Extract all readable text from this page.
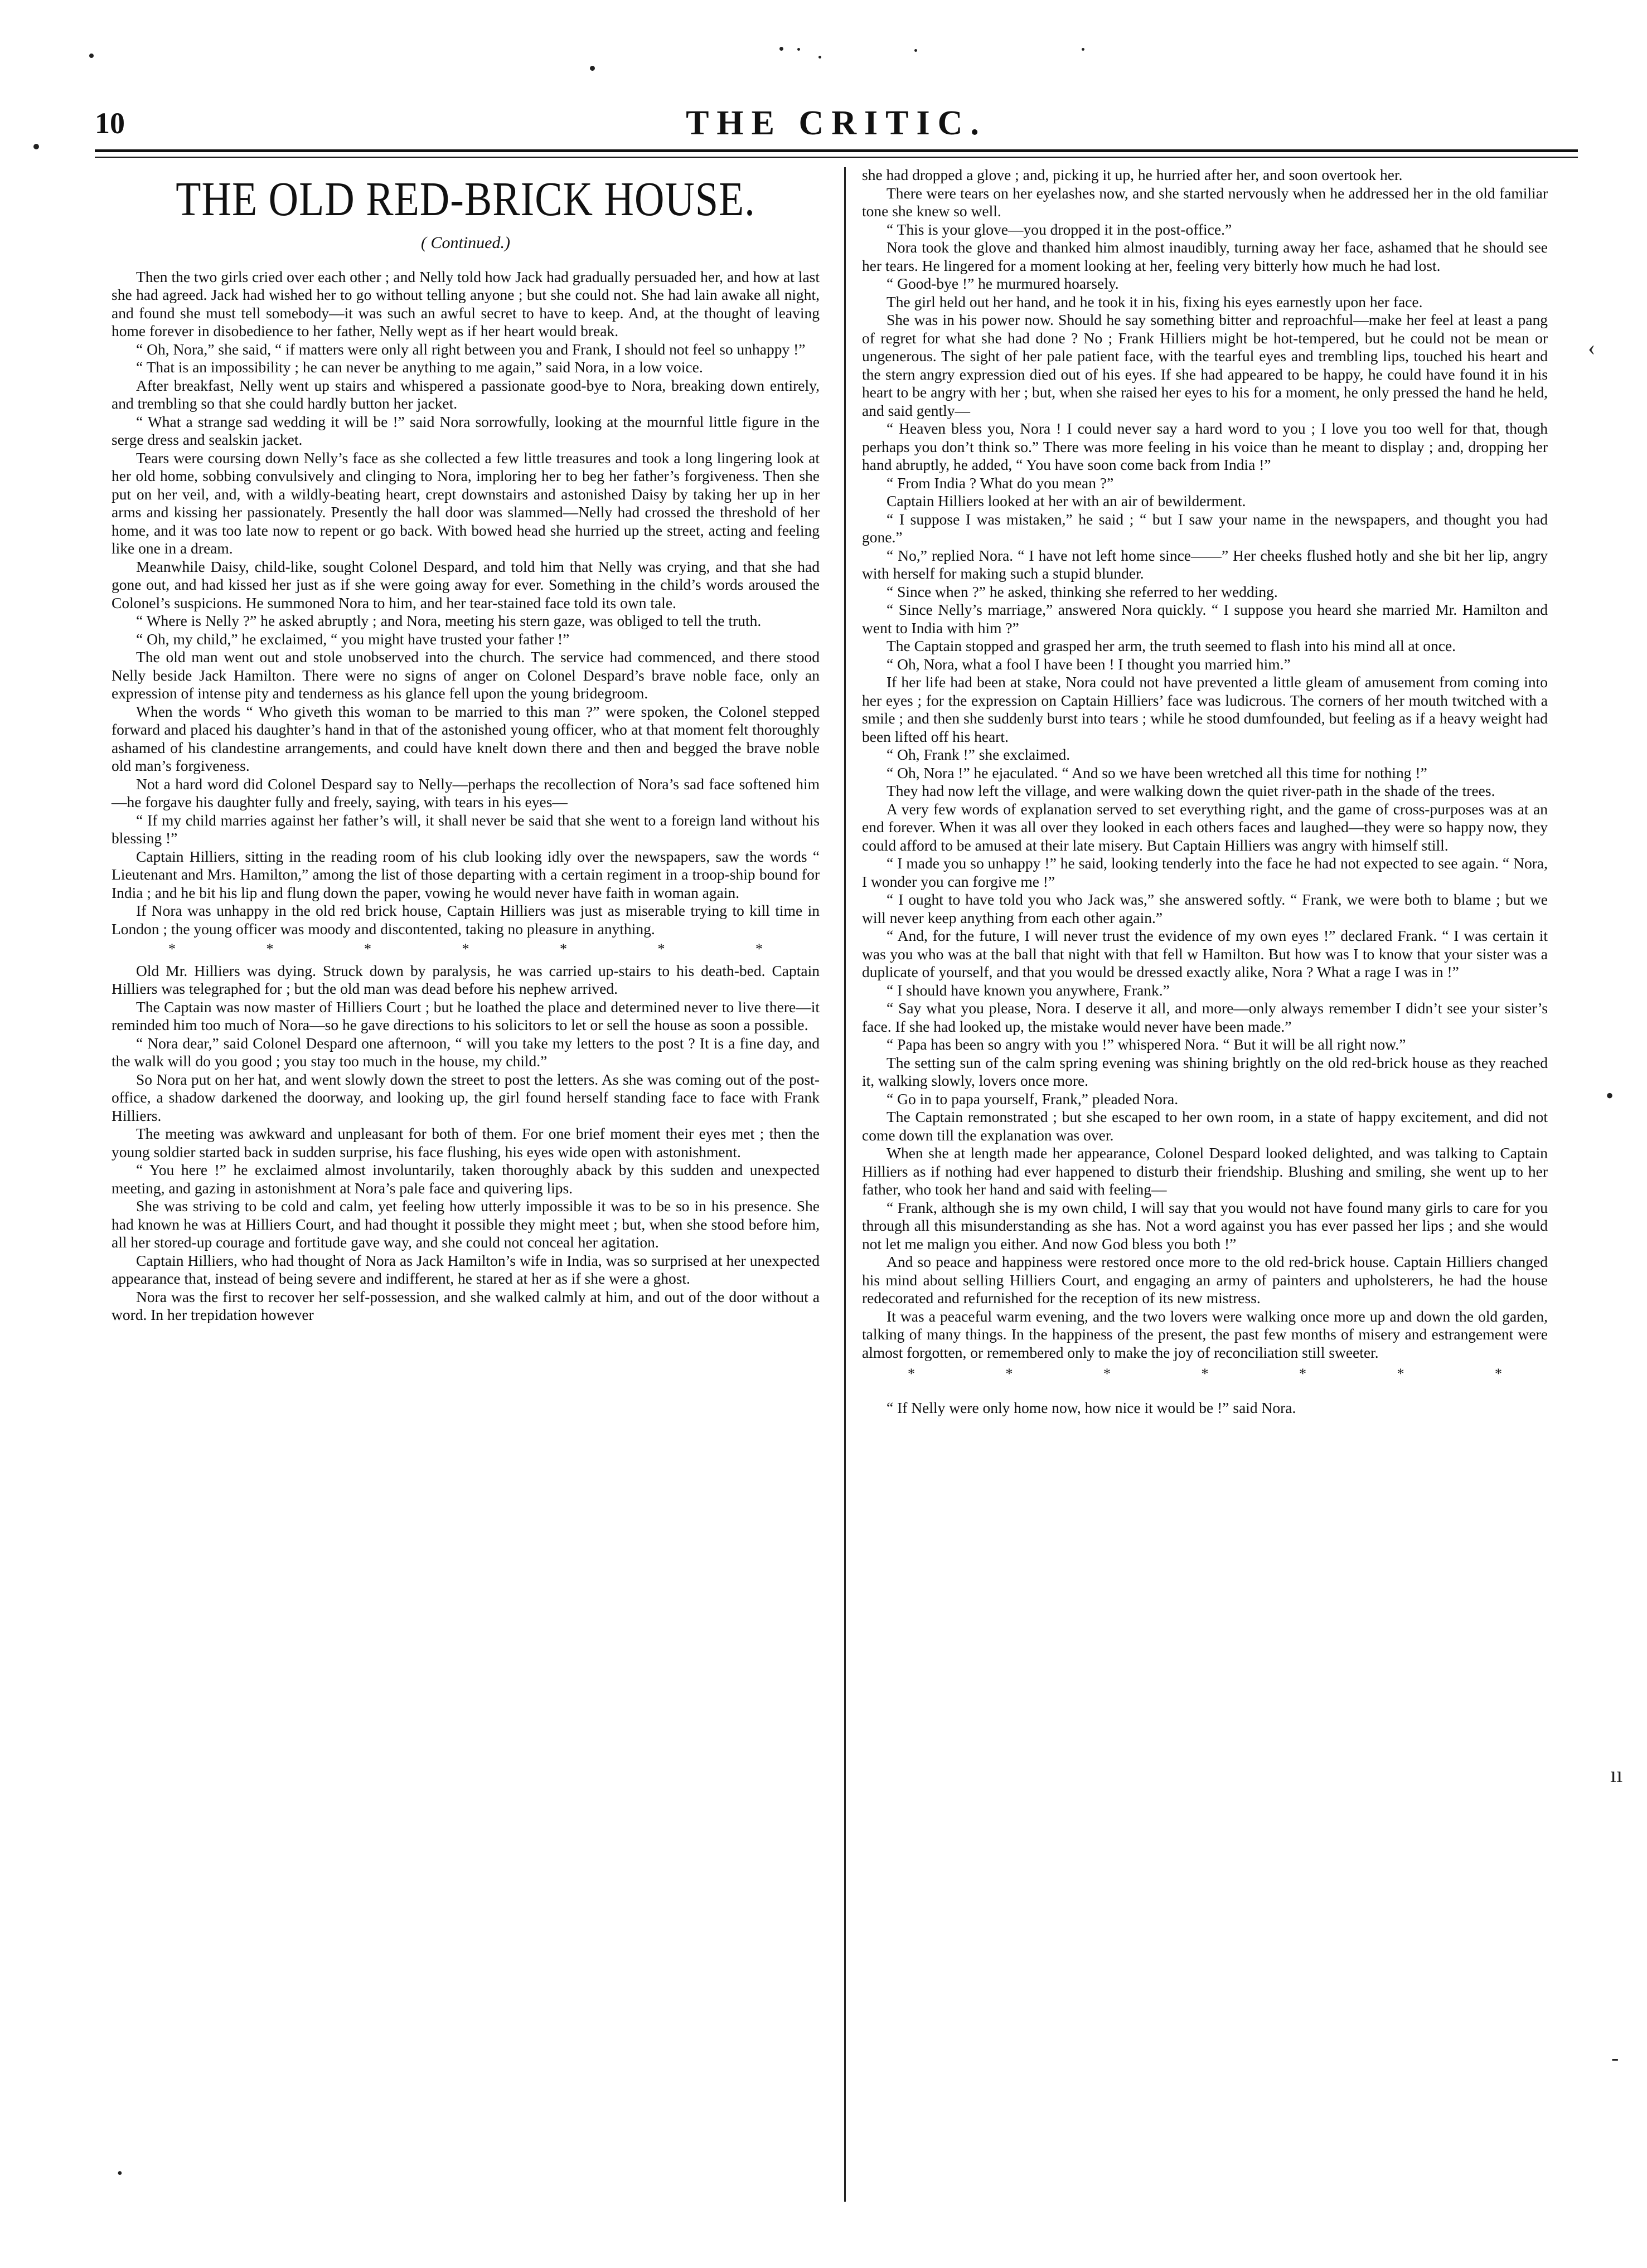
10	THE CRITIC.
THE OLD RED-BRICK HOUSE.
( Continued.)

Then the two girls cried over each other ; and Nelly told how Jack had gradually persuaded her, and how at last she had agreed. Jack had wished her to go without telling anyone ; but she could not. She had lain awake all night, and found she must tell somebody—it was such an awful secret to have to keep. And, at the thought of leaving home forever in disobedience to her father, Nelly wept as if her heart would break.

“ Oh, Nora,” she said, “ if matters were only all right between you and Frank, I should not feel so unhappy !”

“ That is an impossibility ; he can never be anything to me again,” said Nora, in a low voice.

After breakfast, Nelly went up stairs and whispered a passionate good-bye to Nora, breaking down entirely, and trembling so that she could hardly button her jacket.

“ What a strange sad wedding it will be !” said Nora sorrowfully, looking at the mournful little figure in the serge dress and sealskin jacket.

Tears were coursing down Nelly’s face as she collected a few little treasures and took a long lingering look at her old home, sobbing convulsively and clinging to Nora, imploring her to beg her father’s forgiveness. Then she put on her veil, and, with a wildly-beating heart, crept downstairs and astonished Daisy by taking her up in her arms and kissing her passionately. Presently the hall door was slammed—Nelly had crossed the threshold of her home, and it was too late now to repent or go back. With bowed head she hurried up the street, acting and feeling like one in a dream.

Meanwhile Daisy, child-like, sought Colonel Despard, and told him that Nelly was crying, and that she had gone out, and had kissed her just as if she were going away for ever. Something in the child’s words aroused the Colonel’s suspicions. He summoned Nora to him, and her tear-stained face told its own tale.

“ Where is Nelly ?” he asked abruptly ; and Nora, meeting his stern gaze, was obliged to tell the truth.

“ Oh, my child,” he exclaimed, “ you might have trusted your father !”

The old man went out and stole unobserved into the church. The service had commenced, and there stood Nelly beside Jack Hamilton. There were no signs of anger on Colonel Despard’s brave noble face, only an expression of intense pity and tenderness as his glance fell upon the young bridegroom.

When the words “ Who giveth this woman to be married to this man ?” were spoken, the Colonel stepped forward and placed his daughter’s hand in that of the astonished young officer, who at that moment felt thoroughly ashamed of his clandestine arrangements, and could have knelt down there and then and begged the brave noble old man’s forgiveness.

Not a hard word did Colonel Despard say to Nelly—perhaps the recollection of Nora’s sad face softened him—he forgave his daughter fully and freely, saying, with tears in his eyes—

“ If my child marries against her father’s will, it shall never be said that she went to a foreign land without his blessing !”

Captain Hilliers, sitting in the reading room of his club looking idly over the newspapers, saw the words “ Lieutenant and Mrs. Hamilton,” among the list of those departing with a certain regiment in a troop-ship bound for India ; and he bit his lip and flung down the paper, vowing he would never have faith in woman again.

If Nora was unhappy in the old red brick house, Captain Hilliers was just as miserable trying to kill time in London ; the young officer was moody and discontented, taking no pleasure in anything.

* * * * * * *

Old Mr. Hilliers was dying. Struck down by paralysis, he was carried up-stairs to his death-bed. Captain Hilliers was telegraphed for ; but the old man was dead before his nephew arrived.

The Captain was now master of Hilliers Court ; but he loathed the place and determined never to live there—it reminded him too much of Nora—so he gave directions to his solicitors to let or sell the house as soon a possible.

“ Nora dear,” said Colonel Despard one afternoon, “ will you take my letters to the post ? It is a fine day, and the walk will do you good ; you stay too much in the house, my child.”

So Nora put on her hat, and went slowly down the street to post the letters. As she was coming out of the post-office, a shadow darkened the doorway, and looking up, the girl found herself standing face to face with Frank Hilliers.

The meeting was awkward and unpleasant for both of them. For one brief moment their eyes met ; then the young soldier started back in sudden surprise, his face flushing, his eyes wide open with astonishment.

“ You here !” he exclaimed almost involuntarily, taken thoroughly aback by this sudden and unexpected meeting, and gazing in astonishment at Nora’s pale face and quivering lips.

She was striving to be cold and calm, yet feeling how utterly impossible it was to be so in his presence. She had known he was at Hilliers Court, and had thought it possible they might meet ; but, when she stood before him, all her stored-up courage and fortitude gave way, and she could not conceal her agitation.

Captain Hilliers, who had thought of Nora as Jack Hamilton’s wife in India, was so surprised at her unexpected appearance that, instead of being severe and indifferent, he stared at her as if she were a ghost.

Nora was the first to recover her self-possession, and she walked calmly at him, and out of the door without a word. In her trepidation however

she had dropped a glove ; and, picking it up, he hurried after her, and soon overtook her.

There were tears on her eyelashes now, and she started nervously when he addressed her in the old familiar tone she knew so well.

“ This is your glove—you dropped it in the post-office.”

Nora took the glove and thanked him almost inaudibly, turning away her face, ashamed that he should see her tears. He lingered for a moment looking at her, feeling very bitterly how much he had lost.

“ Good-bye !” he murmured hoarsely.

The girl held out her hand, and he took it in his, fixing his eyes earnestly upon her face.

She was in his power now. Should he say something bitter and reproachful—make her feel at least a pang of regret for what she had done ? No ; Frank Hilliers might be hot-tempered, but he could not be mean or ungenerous. The sight of her pale patient face, with the tearful eyes and trembling lips, touched his heart and the stern angry expression died out of his eyes. If she had appeared to be happy, he could have found it in his heart to be angry with her ; but, when she raised her eyes to his for a moment, he only pressed the hand he held, and said gently—

“ Heaven bless you, Nora ! I could never say a hard word to you ; I love you too well for that, though perhaps you don’t think so.” There was more feeling in his voice than he meant to display ; and, dropping her hand abruptly, he added, “ You have soon come back from India !”

“ From India ? What do you mean ?”

Captain Hilliers looked at her with an air of bewilderment.

“ I suppose I was mistaken,” he said ; “ but I saw your name in the newspapers, and thought you had gone.”

“ No,” replied Nora. “ I have not left home since——” Her cheeks flushed hotly and she bit her lip, angry with herself for making such a stupid blunder.

“ Since when ?” he asked, thinking she referred to her wedding.

“ Since Nelly’s marriage,” answered Nora quickly. “ I suppose you heard she married Mr. Hamilton and went to India with him ?”

The Captain stopped and grasped her arm, the truth seemed to flash into his mind all at once.

“ Oh, Nora, what a fool I have been ! I thought you married him.”

If her life had been at stake, Nora could not have prevented a little gleam of amusement from coming into her eyes ; for the expression on Captain Hilliers’ face was ludicrous. The corners of her mouth twitched with a smile ; and then she suddenly burst into tears ; while he stood dumfounded, but feeling as if a heavy weight had been lifted off his heart.

“ Oh, Frank !” she exclaimed.

“ Oh, Nora !” he ejaculated. “ And so we have been wretched all this time for nothing !”

They had now left the village, and were walking down the quiet river-path in the shade of the trees.

A very few words of explanation served to set everything right, and the game of cross-purposes was at an end forever. When it was all over they looked in each others faces and laughed—they were so happy now, they could afford to be amused at their late misery. But Captain Hilliers was angry with himself still.

“ I made you so unhappy !” he said, looking tenderly into the face he had not expected to see again. “ Nora, I wonder you can forgive me !”

“ I ought to have told you who Jack was,” she answered softly. “ Frank, we were both to blame ; but we will never keep anything from each other again.”

“ And, for the future, I will never trust the evidence of my own eyes !” declared Frank. “ I was certain it was you who was at the ball that night with that fell w Hamilton. But how was I to know that your sister was a duplicate of yourself, and that you would be dressed exactly alike, Nora ? What a rage I was in !”

“ I should have known you anywhere, Frank.”

“ Say what you please, Nora. I deserve it all, and more—only always remember I didn’t see your sister’s face. If she had looked up, the mistake would never have been made.”

“ Papa has been so angry with you !” whispered Nora. “ But it will be all right now.”

The setting sun of the calm spring evening was shining brightly on the old red-brick house as they reached it, walking slowly, lovers once more.

“ Go in to papa yourself, Frank,” pleaded Nora.

The Captain remonstrated ; but she escaped to her own room, in a state of happy excitement, and did not come down till the explanation was over.

When she at length made her appearance, Colonel Despard looked delighted, and was talking to Captain Hilliers as if nothing had ever happened to disturb their friendship. Blushing and smiling, she went up to her father, who took her hand and said with feeling—

“ Frank, although she is my own child, I will say that you would not have found many girls to care for you through all this misunderstanding as she has. Not a word against you has ever passed her lips ; and she would not let me malign you either. And now God bless you both !”

And so peace and happiness were restored once more to the old red-brick house. Captain Hilliers changed his mind about selling Hilliers Court, and engaging an army of painters and upholsterers, he had the house redecorated and refurnished for the reception of its new mistress.

It was a peaceful warm evening, and the two lovers were walking once more up and down the old garden, talking of many things. In the happiness of the present, the past few months of misery and estrangement were almost forgotten, or remembered only to make the joy of reconciliation still sweeter.

* * * * * * *

“ If Nelly were only home now, how nice it would be !” said Nora.

‹
•
ıı
-
•
